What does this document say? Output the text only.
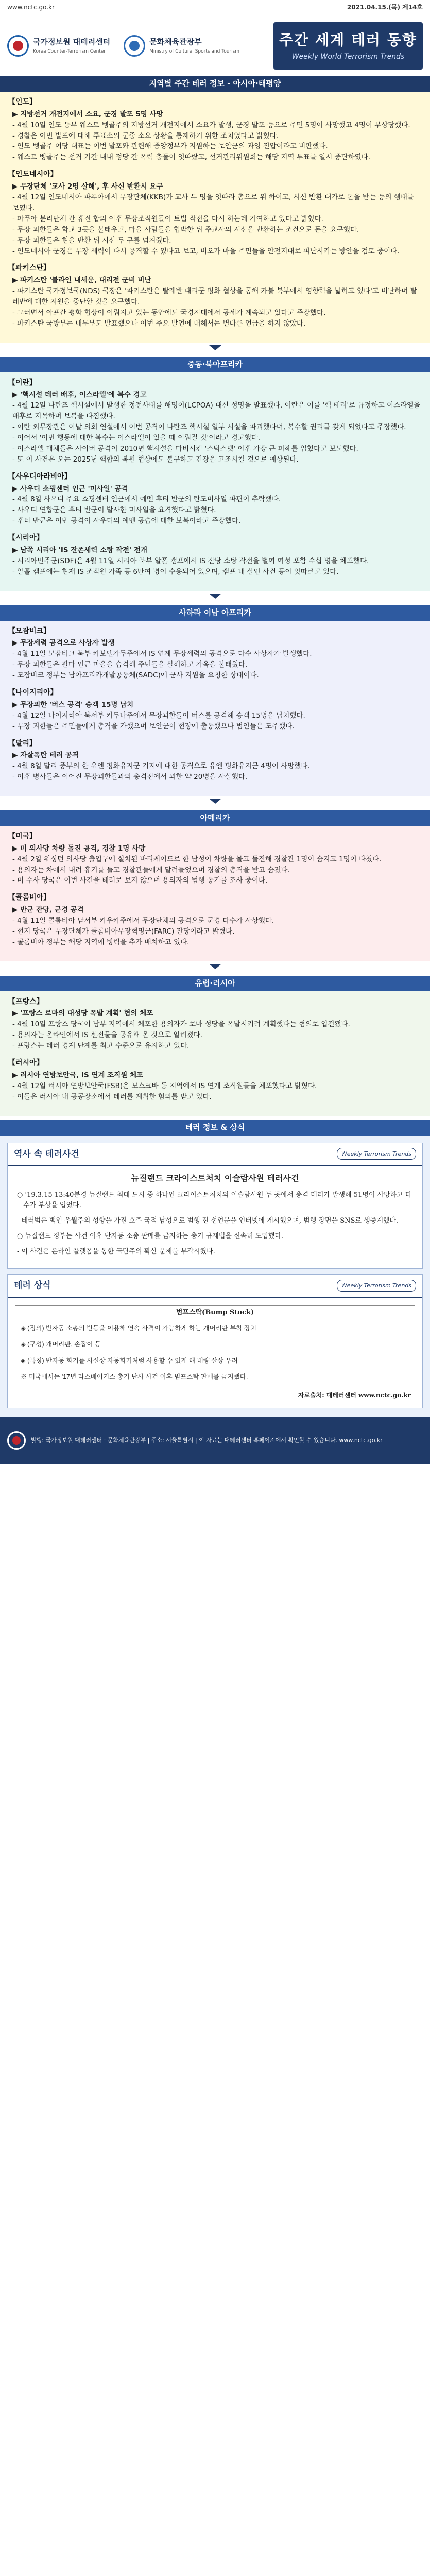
www.nctc.go.kr	2021.04.15.(목) 제14호
국가정보원 대테러센터
Korea Counter-Terrorism Center
문화체육관광부
Ministry of Culture, Sports and Tourism
주간 세계 테러 동향
Weekly World Terrorism Trends
지역별 주간 테러 정보 - 아시아·태평양
【인도】
▶ 지방선거 개전지에서 소요, 군경 발포 5명 사망
- 4월 10일 인도 동부 웨스트 벵골주의 지방선거 개전지에서 소요가 발생, 군경 발포 등으로 주민 5명이 사망했고 4명이 부상당했다.
- 경찰은 이번 발포에 대해 투표소의 군중 소요 상황을 통제하기 위한 조치였다고 밝혔다.
- 인도 벵골주 여당 대표는 이번 발포와 관련해 중앙정부가 지원하는 보안군의 과잉 진압이라고 비판했다.
- 웨스트 벵골주는 선거 기간 내내 정당 간 폭력 충돌이 잇따랐고, 선거관리위원회는 해당 지역 투표를 일시 중단하였다.
【인도네시아】
▶ 무장단체 '교사 2명 살해', 후 사신 반환시 요구
- 4월 12일 인도네시아 파푸아에서 무장단체(KKB)가 교사 두 명을 잇따라 총으로 위 하이고, 시신 반환 대가로 돈을 받는 등의 행태를 보였다.
- 파푸아 분리단체 간 휴전 합의 이후 무장조직원들이 토벌 작전을 다시 하는데 기여하고 있다고 밝혔다.
- 무장 괴한들은 학교 3곳을 불태우고, 마을 사람들을 협박한 뒤 주교사의 시신을 반환하는 조건으로 돈을 요구했다.
- 무장 괴한들은 현을 반환 뒤 시신 두 구를 넘겨줬다.
- 인도네시아 군경은 무장 세력이 다시 공격할 수 있다고 보고, 비오가 마을 주민들을 안전지대로 피난시키는 방안을 검토 중이다.
【파키스탄】
▶ 파키스탄 '블라인 내세운, 대리전 군비 비난
- 파키스탄 국가정보국(NDS) 국장은 '파키스탄은 탈레반 대리군 평화 협상을 통해 카불 북부에서 영향력을 넓히고 있다'고 비난하며 탈레반에 대한 지원을 중단할 것을 요구했다.
- 그러면서 아프간 평화 협상이 이뤄지고 있는 동안에도 국경지대에서 공세가 계속되고 있다고 주장했다.
- 파키스탄 국방부는 내무부도 발표했으나 이번 주요 발언에 대해서는 별다른 언급을 하지 않았다.
중동·북아프리카
【이란】
▶ '핵시설 테러 배후, 이스라엘'에 복수 경고
- 4월 12일 나탄즈 핵시설에서 발생한 정전사태를 해명이(LCPOA) 대신 성명을 발표했다. 이란은 이를 '핵 테러'로 규정하고 이스라엘을 배후로 지목하며 보복을 다짐했다.
- 이란 외무장관은 이날 의회 연설에서 이번 공격이 나탄즈 핵시설 일부 시설을 파괴했다며, 복수할 권리를 갖게 되었다고 주장했다.
- 이어서 '이번 행동에 대한 복수는 이스라엘이 있을 때 이뤄질 것'이라고 경고했다.
- 이스라엘 매체들은 사이버 공격이 2010년 핵시설을 마비시킨 '스턱스넷' 이후 가장 큰 피해를 입혔다고 보도했다.
- 또 이 사건은 오는 2025년 핵합의 복원 협상에도 불구하고 긴장을 고조시킬 것으로 예상된다.
【사우디아라비아】
▶ 사우디 쇼핑센터 인근 '미사일' 공격
- 4월 8일 사우디 주요 쇼핑센터 인근에서 예멘 후티 반군의 탄도미사일 파편이 추락했다.
- 사우디 연합군은 후티 반군이 발사한 미사일을 요격했다고 밝혔다.
- 후티 반군은 이번 공격이 사우디의 예멘 공습에 대한 보복이라고 주장했다.
【시리아】
▶ 남쪽 시리아 'IS 잔존세력 소탕 작전' 전개
- 시리아민주군(SDF)은 4월 11일 시리아 북부 알홀 캠프에서 IS 잔당 소탕 작전을 벌여 여성 포함 수십 명을 체포했다.
- 알홀 캠프에는 현재 IS 조직원 가족 등 6만여 명이 수용되어 있으며, 캠프 내 살인 사건 등이 잇따르고 있다.
사하라 이남 아프리카
【모잠비크】
▶ 무장세력 공격으로 사상자 발생
- 4월 11일 모잠비크 북부 카보델가두주에서 IS 연계 무장세력의 공격으로 다수 사상자가 발생했다.
- 무장 괴한들은 팔마 인근 마을을 습격해 주민들을 살해하고 가옥을 불태웠다.
- 모잠비크 정부는 남아프리카개발공동체(SADC)에 군사 지원을 요청한 상태이다.
【나이지리아】
▶ 무장괴한 '버스 공격' 승객 15명 납치
- 4월 12일 나이지리아 북서부 카두나주에서 무장괴한들이 버스를 공격해 승객 15명을 납치했다.
- 무장 괴한들은 주민들에게 총격을 가했으며 보안군이 현장에 출동했으나 범인들은 도주했다.
【말리】
▶ 자살폭탄 테러 공격
- 4월 8일 말리 중부의 한 유엔 평화유지군 기지에 대한 공격으로 유엔 평화유지군 4명이 사망했다.
- 이후 병사들은 이어진 무장괴한들과의 총격전에서 괴한 약 20명을 사살했다.
아메리카
【미국】
▶ 미 의사당 차량 돌진 공격, 경찰 1명 사망
- 4월 2일 워싱턴 의사당 출입구에 설치된 바리케이드로 한 남성이 차량을 몰고 돌진해 경찰관 1명이 숨지고 1명이 다쳤다.
- 용의자는 차에서 내려 흉기를 들고 경찰관들에게 달려들었으며 경찰의 총격을 받고 숨졌다.
- 미 수사 당국은 이번 사건을 테러로 보지 않으며 용의자의 범행 동기를 조사 중이다.
【콜롬비아】
▶ 반군 잔당, 군경 공격
- 4월 11일 콜롬비아 남서부 카우카주에서 무장단체의 공격으로 군경 다수가 사상했다.
- 현지 당국은 무장단체가 콜롬비아무장혁명군(FARC) 잔당이라고 밝혔다.
- 콜롬비아 정부는 해당 지역에 병력을 추가 배치하고 있다.
유럽·러시아
【프랑스】
▶ '프랑스 로마의 대성당 폭발 계획' 혐의 체포
- 4월 10일 프랑스 당국이 남부 지역에서 체포한 용의자가 로마 성당을 폭발시키려 계획했다는 혐의로 입건됐다.
- 용의자는 온라인에서 IS 선전물을 공유해 온 것으로 알려졌다.
- 프랑스는 테러 경계 단계를 최고 수준으로 유지하고 있다.
【러시아】
▶ 러시아 연방보안국, IS 연계 조직원 체포
- 4월 12일 러시아 연방보안국(FSB)은 모스크바 등 지역에서 IS 연계 조직원들을 체포했다고 밝혔다.
- 이들은 러시아 내 공공장소에서 테러를 계획한 혐의를 받고 있다.
테러 정보 & 상식
역사 속 테러사건	Weekly Terrorism Trends
뉴질랜드 크라이스트처치 이슬람사원 테러사건

○ '19.3.15 13:40분경 뉴질랜드 최대 도시 중 하나인 크라이스트처치의 이슬람사원 두 곳에서 총격 테러가 발생해 51명이 사망하고 다수가 부상을 입었다.

- 테러범은 백인 우월주의 성향을 가진 호주 국적 남성으로 범행 전 선언문을 인터넷에 게시했으며, 범행 장면을 SNS로 생중계했다.

○ 뉴질랜드 정부는 사건 이후 반자동 소총 판매를 금지하는 총기 규제법을 신속히 도입했다.

- 이 사건은 온라인 플랫폼을 통한 극단주의 확산 문제를 부각시켰다.

테러 상식	Weekly Terrorism Trends
범프스탁(Bump Stock)
◈ (정의) 반자동 소총의 반동을 이용해 연속 사격이 가능하게 하는 개머리판 부착 장치
◈ (구성) 개머리판, 손잡이 등
◈ (특징) 반자동 화기를 사실상 자동화기처럼 사용할 수 있게 해 대량 살상 우려
※ 미국에서는 '17년 라스베이거스 총기 난사 사건 이후 범프스탁 판매를 금지했다.
자료출처: 대테러센터 www.nctc.go.kr
발행: 국가정보원 대테러센터 · 문화체육관광부 | 주소: 서울특별시 | 이 자료는 대테러센터 홈페이지에서 확인할 수 있습니다. www.nctc.go.kr
